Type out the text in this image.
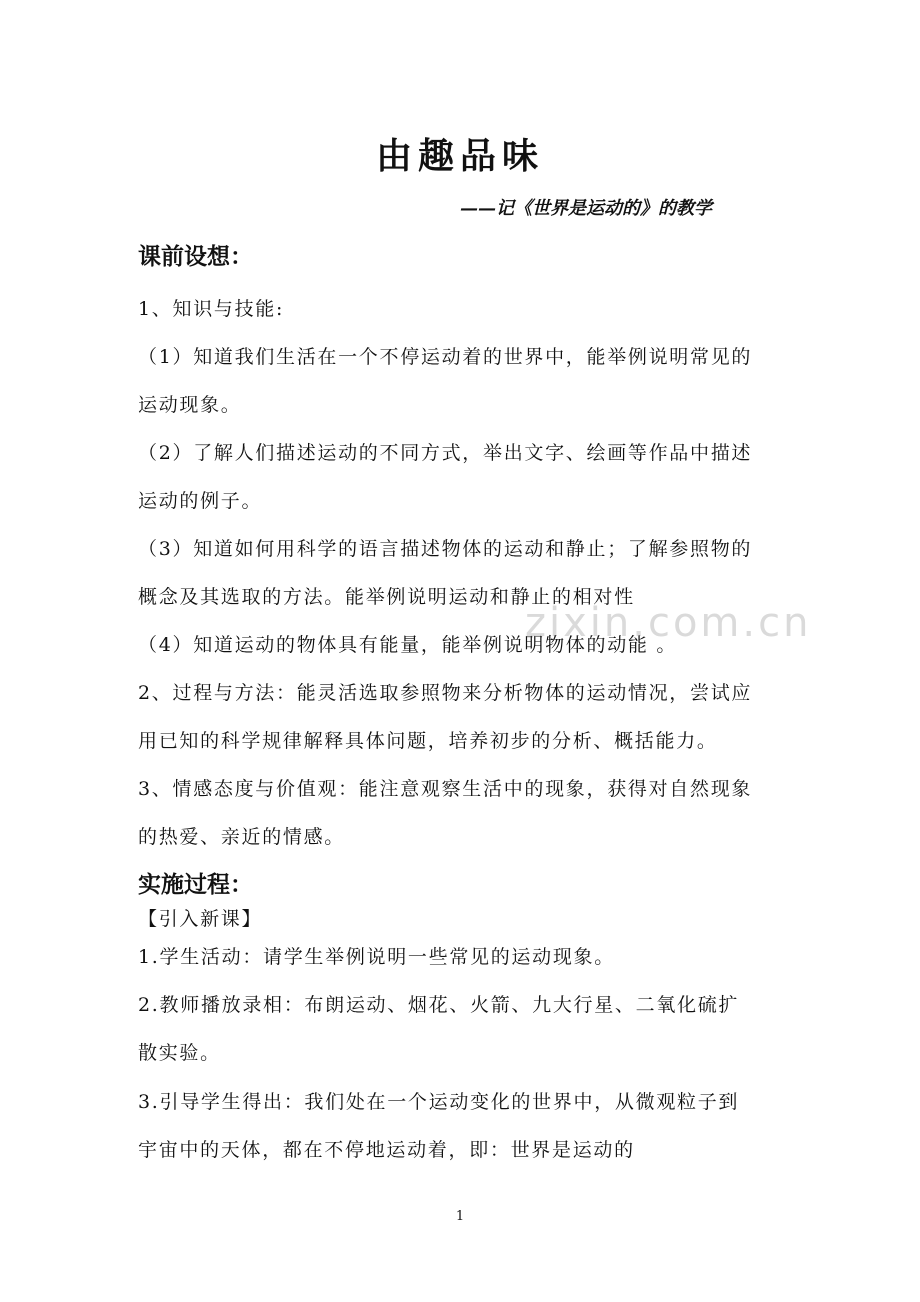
zixin.com.cn
由趣品味
——记《世界是运动的》的教学
课前设想：
1、知识与技能:
（1）知道我们生活在一个不停运动着的世界中，能举例说明常见的
运动现象。
（2）了解人们描述运动的不同方式，举出文字、绘画等作品中描述
运动的例子。
（3）知道如何用科学的语言描述物体的运动和静止；了解参照物的
概念及其选取的方法。能举例说明运动和静止的相对性
（4）知道运动的物体具有能量，能举例说明物体的动能 。
2、过程与方法：能灵活选取参照物来分析物体的运动情况，尝试应
用已知的科学规律解释具体问题，培养初步的分析、概括能力。
3、情感态度与价值观：能注意观察生活中的现象，获得对自然现象
的热爱、亲近的情感。
实施过程：
【引入新课】
1.学生活动：请学生举例说明一些常见的运动现象。
2.教师播放录相：布朗运动、烟花、火箭、九大行星、二氧化硫扩
散实验。
3.引导学生得出：我们处在一个运动变化的世界中，从微观粒子到
宇宙中的天体，都在不停地运动着，即：世界是运动的
1
